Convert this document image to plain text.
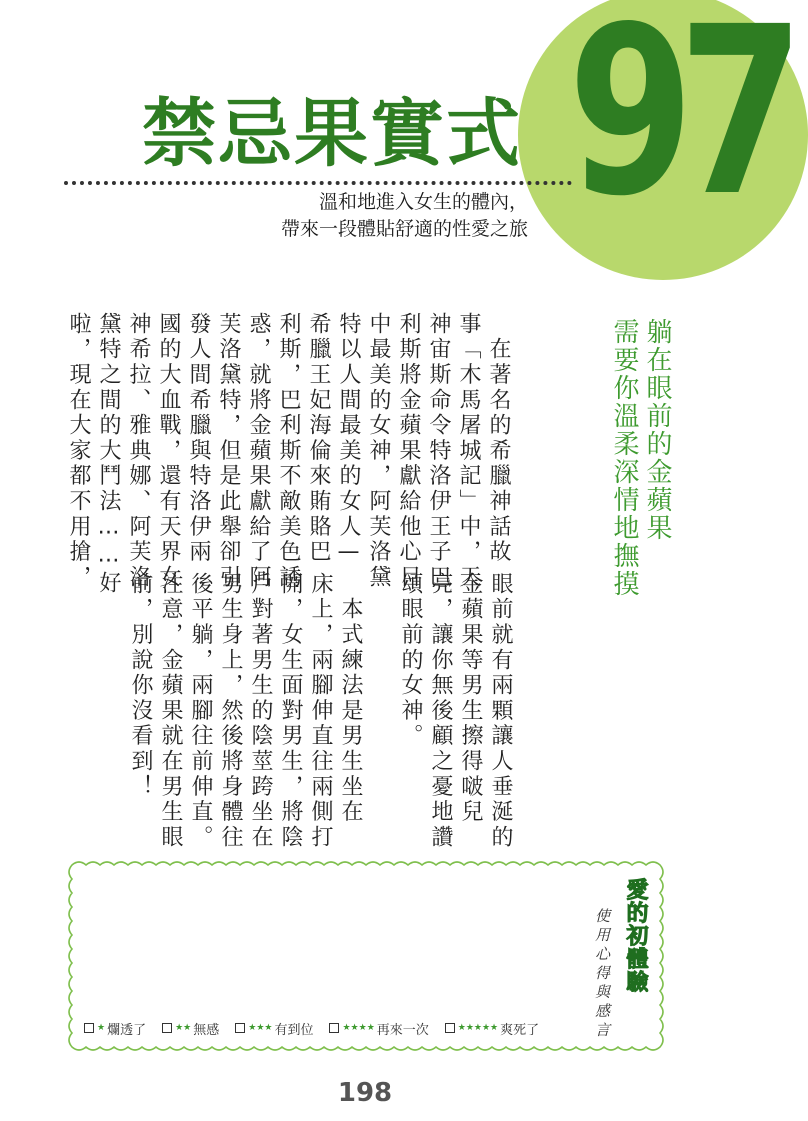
97
禁忌果實式
溫和地進入女生的體內，
帶來一段體貼舒適的性愛之旅
躺在眼前的金蘋果
需要你溫柔深情地撫摸
愛的初體驗
使用心得與感言
★ 爛透了	★★ 無感	★★★ 有到位	★★★★ 再來一次	★★★★★ 爽死了
198
　在著名的希臘神話故
事「木馬屠城記」中，天
神宙斯命令特洛伊王子巴
利斯將金蘋果獻給他心目
中最美的女神，阿芙洛黛
特以人間最美的女人—
希臘王妃海倫來賄賂巴
利斯，巴利斯不敵美色誘
惑，就將金蘋果獻給了阿
芙洛黛特，但是此舉卻引
發人間希臘與特洛伊兩
國的大血戰，還有天界女
神希拉、雅典娜、阿芙洛
黛特之間的大鬥法……好
啦，現在大家都不用搶，
眼前就有兩顆讓人垂涎的
金蘋果等男生擦得啵兒
亮，讓你無後顧之憂地讚
頌眼前的女神。
　本式練法是男生坐在
床上，兩腳伸直往兩側打
開，女生面對男生，將陰
戶對著男生的陰莖跨坐在
男生身上，然後將身體往
後平躺，兩腳往前伸直。
注意，金蘋果就在男生眼
前，別說你沒看到！
